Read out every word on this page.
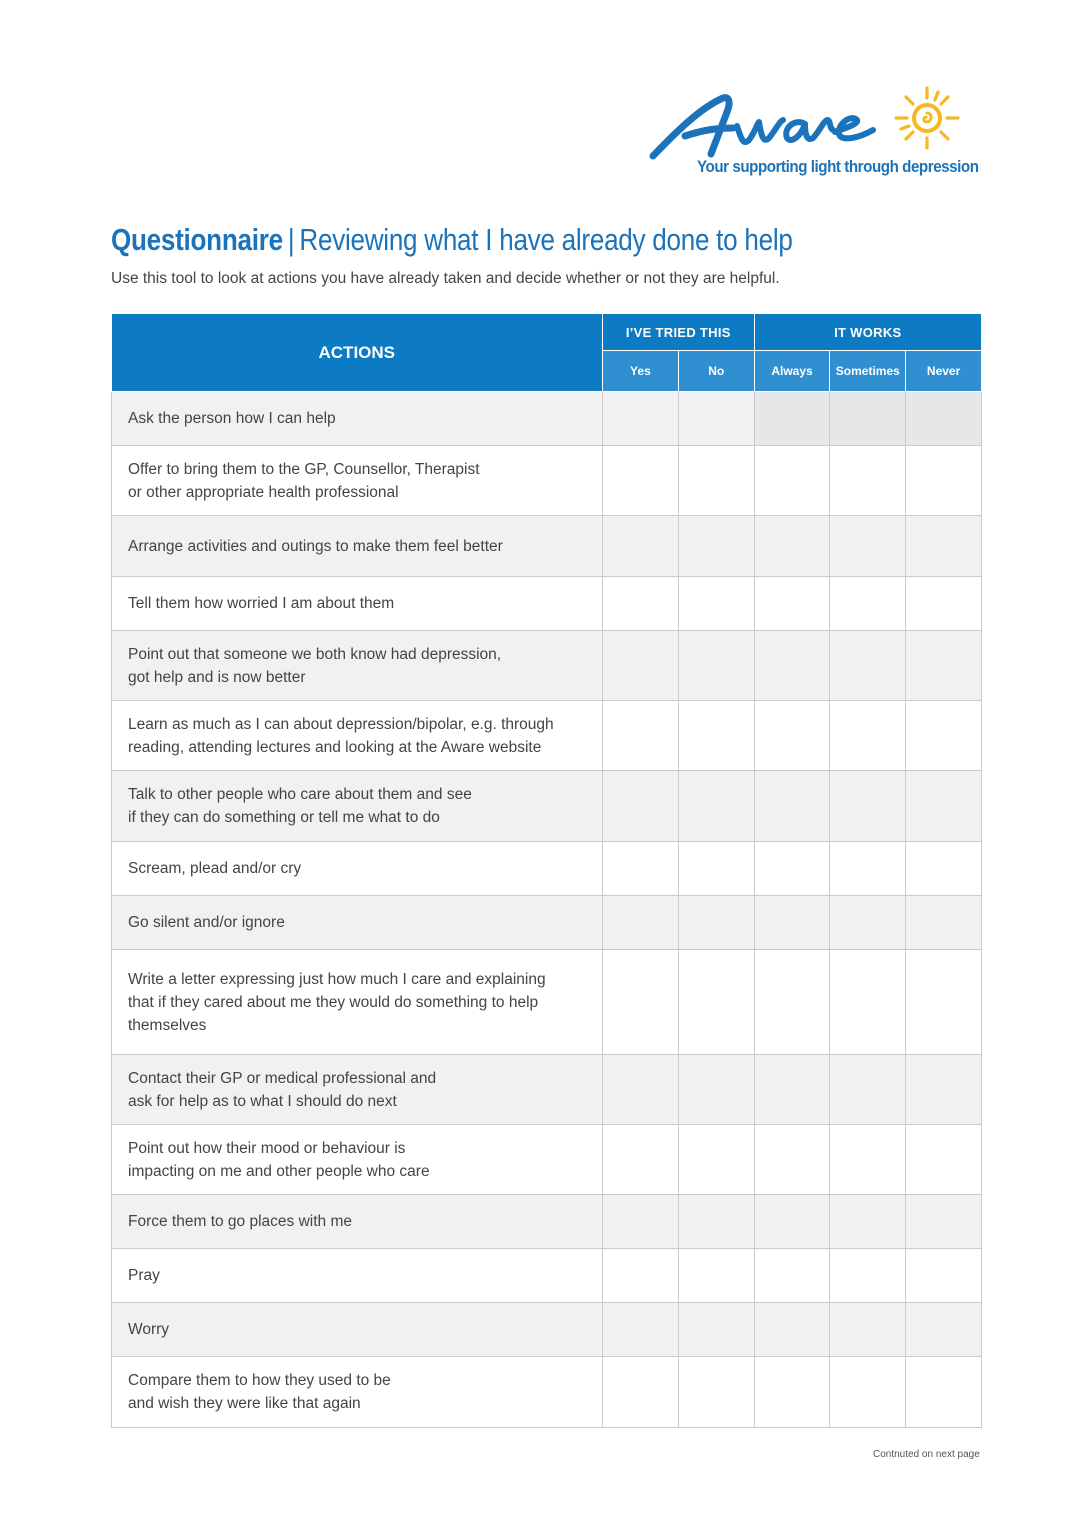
Your supporting light through depression
Questionnaire | Reviewing what I have already done to help
Use this tool to look at actions you have already taken and decide whether or not they are helpful.
ACTIONS	I’VE TRIED THIS		IT WORKS		
	Yes	No	Always	Sometimes	Never

Ask the person how I can help					

Offer to bring them to the GP, Counsellor, Therapist
or other appropriate health professional					

Arrange activities and outings to make them feel better					

Tell them how worried I am about them					

Point out that someone we both know had depression,
got help and is now better					

Learn as much as I can about depression/bipolar, e.g. through
reading, attending lectures and looking at the Aware website					

Talk to other people who care about them and see
if they can do something or tell me what to do					

Scream, plead and/or cry					

Go silent and/or ignore					

Write a letter expressing just how much I care and explaining
that if they cared about me they would do something to help
themselves					

Contact their GP or medical professional and
ask for help as to what I should do next					

Point out how their mood or behaviour is
impacting on me and other people who care					

Force them to go places with me					

Pray					

Worry					

Compare them to how they used to be
and wish they were like that again					

Contnuted on next page
